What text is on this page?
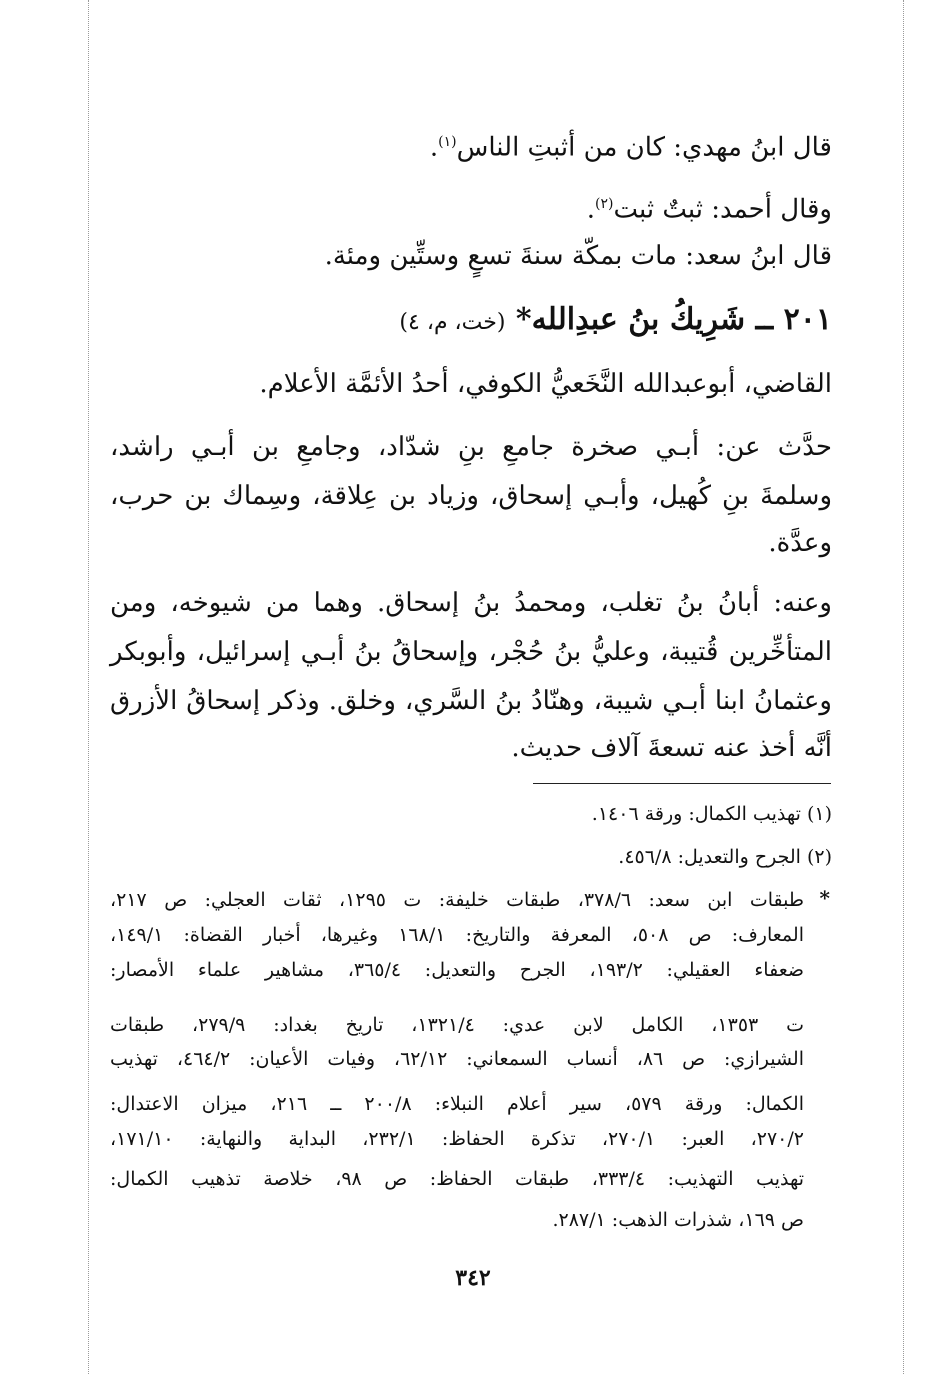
قال ابنُ مهدي: كان من أثبتِ الناس$^{(١)}$.
وقال أحمد: ثبتٌ ثبت$^{(٢)}$.
قال ابنُ سعد: مات بمكّة سنةَ تسعٍ وستِّين ومئة.
٢٠١ ــ شَرِيكُ بنُ عبدِالله* (خت، م، ٤)
القاضي، أبوعبدالله النَّخَعيُّ الكوفي، أحدُ الأئمَّة الأعلام.
حدَّث عن: أبـي صخرة جامعِ بنِ شدّاد، وجامعِ بن أبـي راشد،
وسلمةَ بنِ كُهيل، وأبـي إسحاق، وزياد بن عِلاقة، وسِماك بن حرب،
وعدَّة.
وعنه: أبانُ بنُ تغلب، ومحمدُ بنُ إسحاق. وهما من شيوخه، ومن
المتأخِّرين قُتيبة، وعليُّ بنُ حُجْر، وإسحاقُ بنُ أبـي إسرائيل، وأبوبكر
وعثمانُ ابنا أبـي شيبة، وهنّادُ بنُ السَّري، وخلق. وذكر إسحاقُ الأزرق
أنَّه أخذ عنه تسعةَ آلاف حديث.
(١) تهذيب الكمال: ورقة ١٤٠٦.
(٢) الجرح والتعديل: ٤٥٦/٨.
*
طبقات ابن سعد: ٣٧٨/٦، طبقات خليفة: ت ١٢٩٥، ثقات العجلي: ص ٢١٧،
المعارف: ص ٥٠٨، المعرفة والتاريخ: ١٦٨/١ وغيرها، أخبار القضاة: ١٤٩/١،
ضعفاء العقيلي: ١٩٣/٢، الجرح والتعديل: ٣٦٥/٤، مشاهير علماء الأمصار:
ت ١٣٥٣، الكامل لابن عدي: ١٣٢١/٤، تاريخ بغداد: ٢٧٩/٩، طبقات
الشيرازي: ص ٨٦، أنساب السمعاني: ٦٢/١٢، وفيات الأعيان: ٤٦٤/٢، تهذيب
الكمال: ورقة ٥٧٩، سير أعلام النبلاء: ٢٠٠/٨ ــ ٢١٦، ميزان الاعتدال:
٢٧٠/٢، العبر: ٢٧٠/١، تذكرة الحفاظ: ٢٣٢/١، البداية والنهاية: ١٧١/١٠،
تهذيب التهذيب: ٣٣٣/٤، طبقات الحفاظ: ص ٩٨، خلاصة تذهيب الكمال:
ص ١٦٩، شذرات الذهب: ٢٨٧/١.
٣٤٢
